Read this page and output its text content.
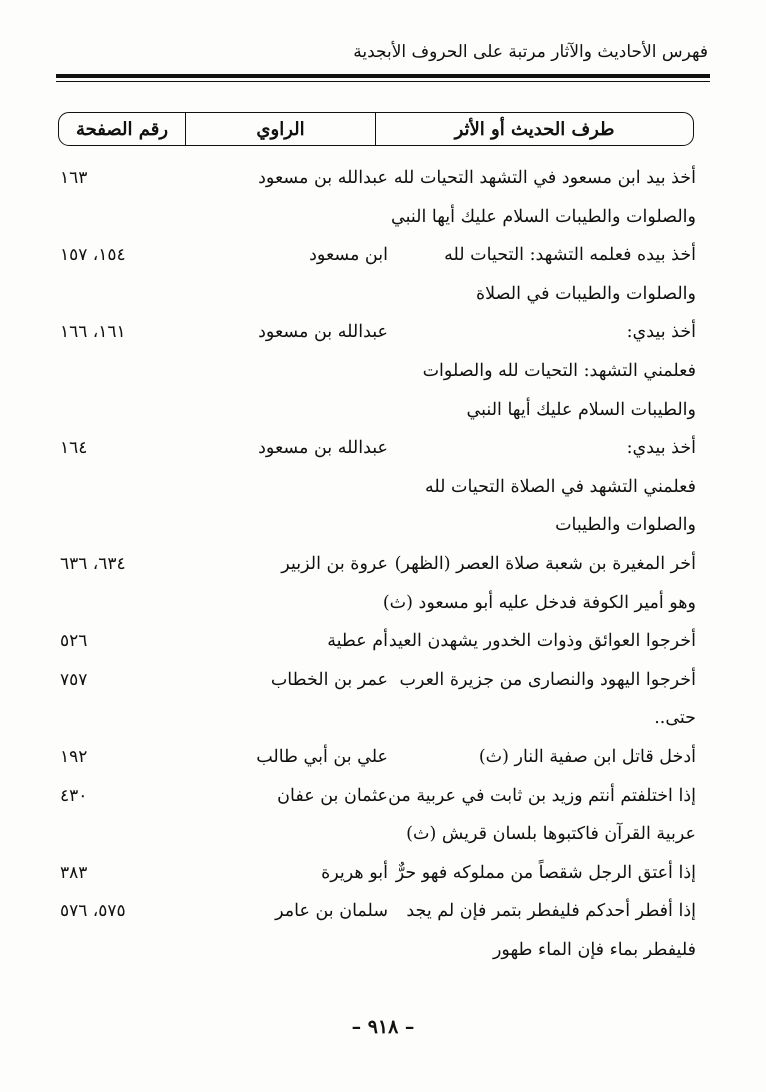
فهرس الأحاديث والآثار مرتبة على الحروف الأبجدية
طرف الحديث أو الأثر
الراوي
رقم الصفحة
أخذ بيد ابن مسعود في التشهد التحيات لله
والصلوات والطيبات السلام عليك أيها النبي
عبدالله بن مسعود
١٦٣
أخذ بيده فعلمه التشهد: التحيات لله
والصلوات والطيبات في الصلاة
ابن مسعود
١٥٤، ١٥٧
أخذ بيدي:
فعلمني التشهد: التحيات لله والصلوات
والطيبات السلام عليك أيها النبي
عبدالله بن مسعود
١٦١، ١٦٦
أخذ بيدي:
فعلمني التشهد في الصلاة التحيات لله
والصلوات والطيبات
عبدالله بن مسعود
١٦٤
أخر المغيرة بن شعبة صلاة العصر (الظهر)
وهو أمير الكوفة فدخل عليه أبو مسعود (ث)
عروة بن الزبير
٦٣٤، ٦٣٦
أخرجوا العوائق وذوات الخدور يشهدن العيد
أم عطية
٥٢٦
أخرجوا اليهود والنصارى من جزيرة العرب
حتى..
عمر بن الخطاب
٧٥٧
أدخل قاتل ابن صفية النار (ث)
علي بن أبي طالب
١٩٢
إذا اختلفتم أنتم وزيد بن ثابت في عربية من
عربية القرآن فاكتبوها بلسان قريش (ث)
عثمان بن عفان
٤٣٠
إذا أعتق الرجل شقصاً من مملوكه فهو حرٌّ
أبو هريرة
٣٨٣
إذا أفطر أحدكم فليفطر بتمر فإن لم يجد
فليفطر بماء فإن الماء طهور
سلمان بن عامر
٥٧٥، ٥٧٦
– ٩١٨ –
